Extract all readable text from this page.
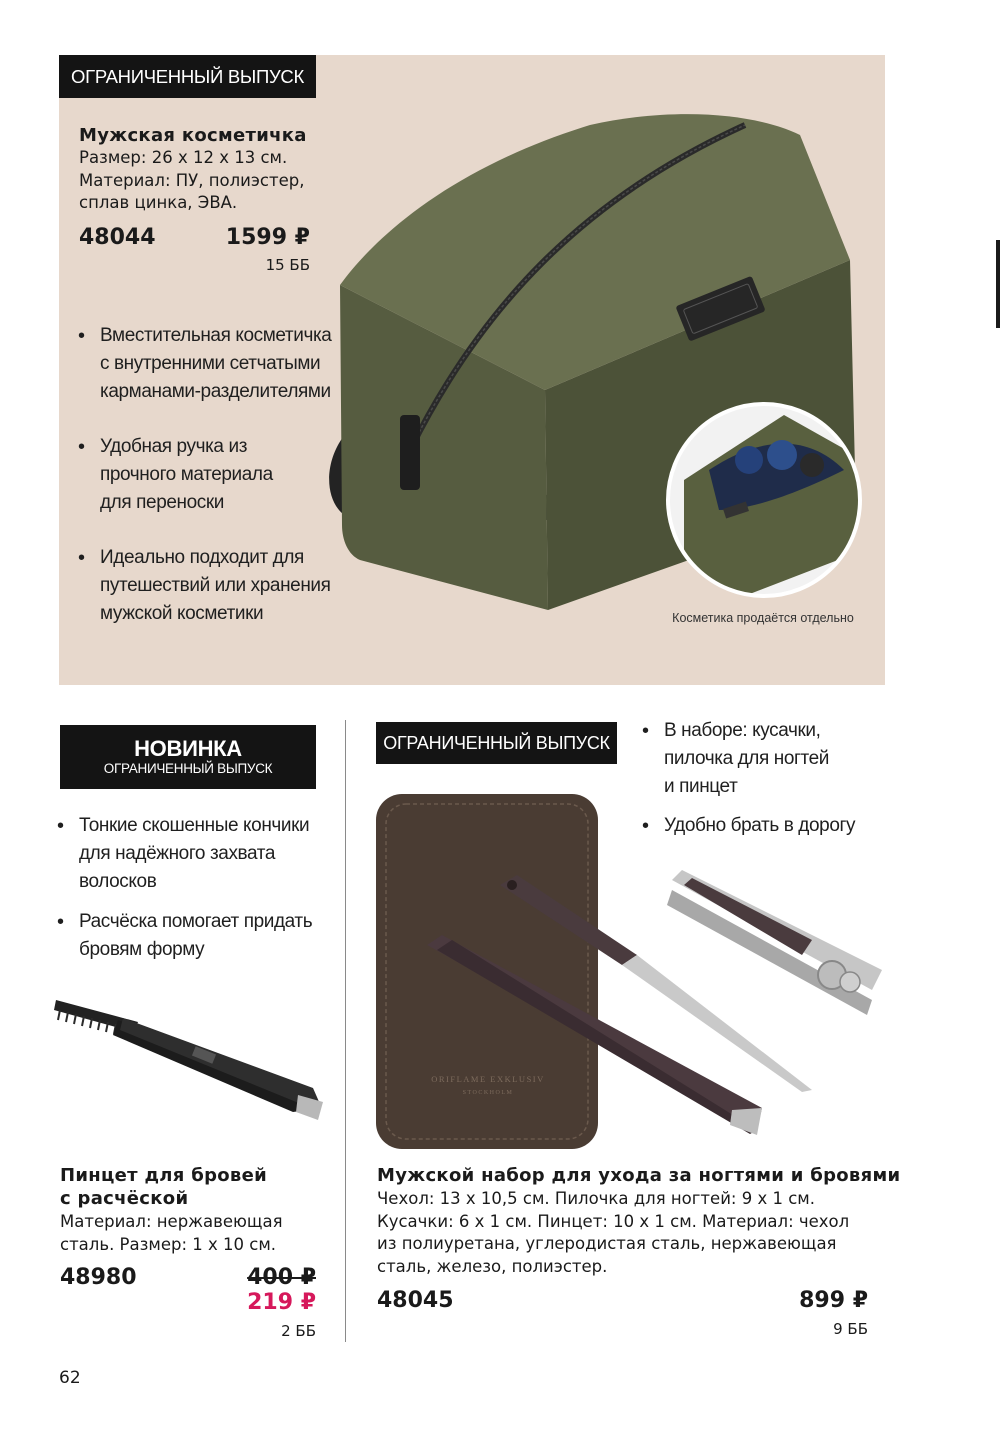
ОГРАНИЧЕННЫЙ ВЫПУСК
Мужская косметичка
Размер: 26 х 12 х 13 см.
Материал: ПУ, полиэстер,
сплав цинка, ЭВА.
48044	1599 ₽
15 ББ
• Вместительная косметичка
с внутренними сетчатыми
карманами-разделителями
• Удобная ручка из
прочного материала
для переноски
• Идеально подходит для
путешествий или хранения
мужской косметики	Косметика продаётся отдельно
НОВИНКА
ОГРАНИЧЕННЫЙ ВЫПУСК
• Тонкие скошенные кончики
для надёжного захвата
волосков
• Расчёска помогает придать
бровям форму
Пинцет для бровей
с расчёской
Материал: нержавеющая
сталь. Размер: 1 х 10 см.
48980	400 ₽
219 ₽
2 ББ
ОГРАНИЧЕННЫЙ ВЫПУСК
• В наборе: кусачки,
пилочка для ногтей
и пинцет
• Удобно брать в дорогу
ORIFLAME EXKLUSIV
STOCKHOLM
Мужской набор для ухода за ногтями и бровями
Чехол: 13 х 10,5 см. Пилочка для ногтей: 9 х 1 см.
Кусачки: 6 х 1 см. Пинцет: 10 х 1 см. Материал: чехол
из полиуретана, углеродистая сталь, нержавеющая
сталь, железо, полиэстер.
48045	899 ₽
9 ББ
62
